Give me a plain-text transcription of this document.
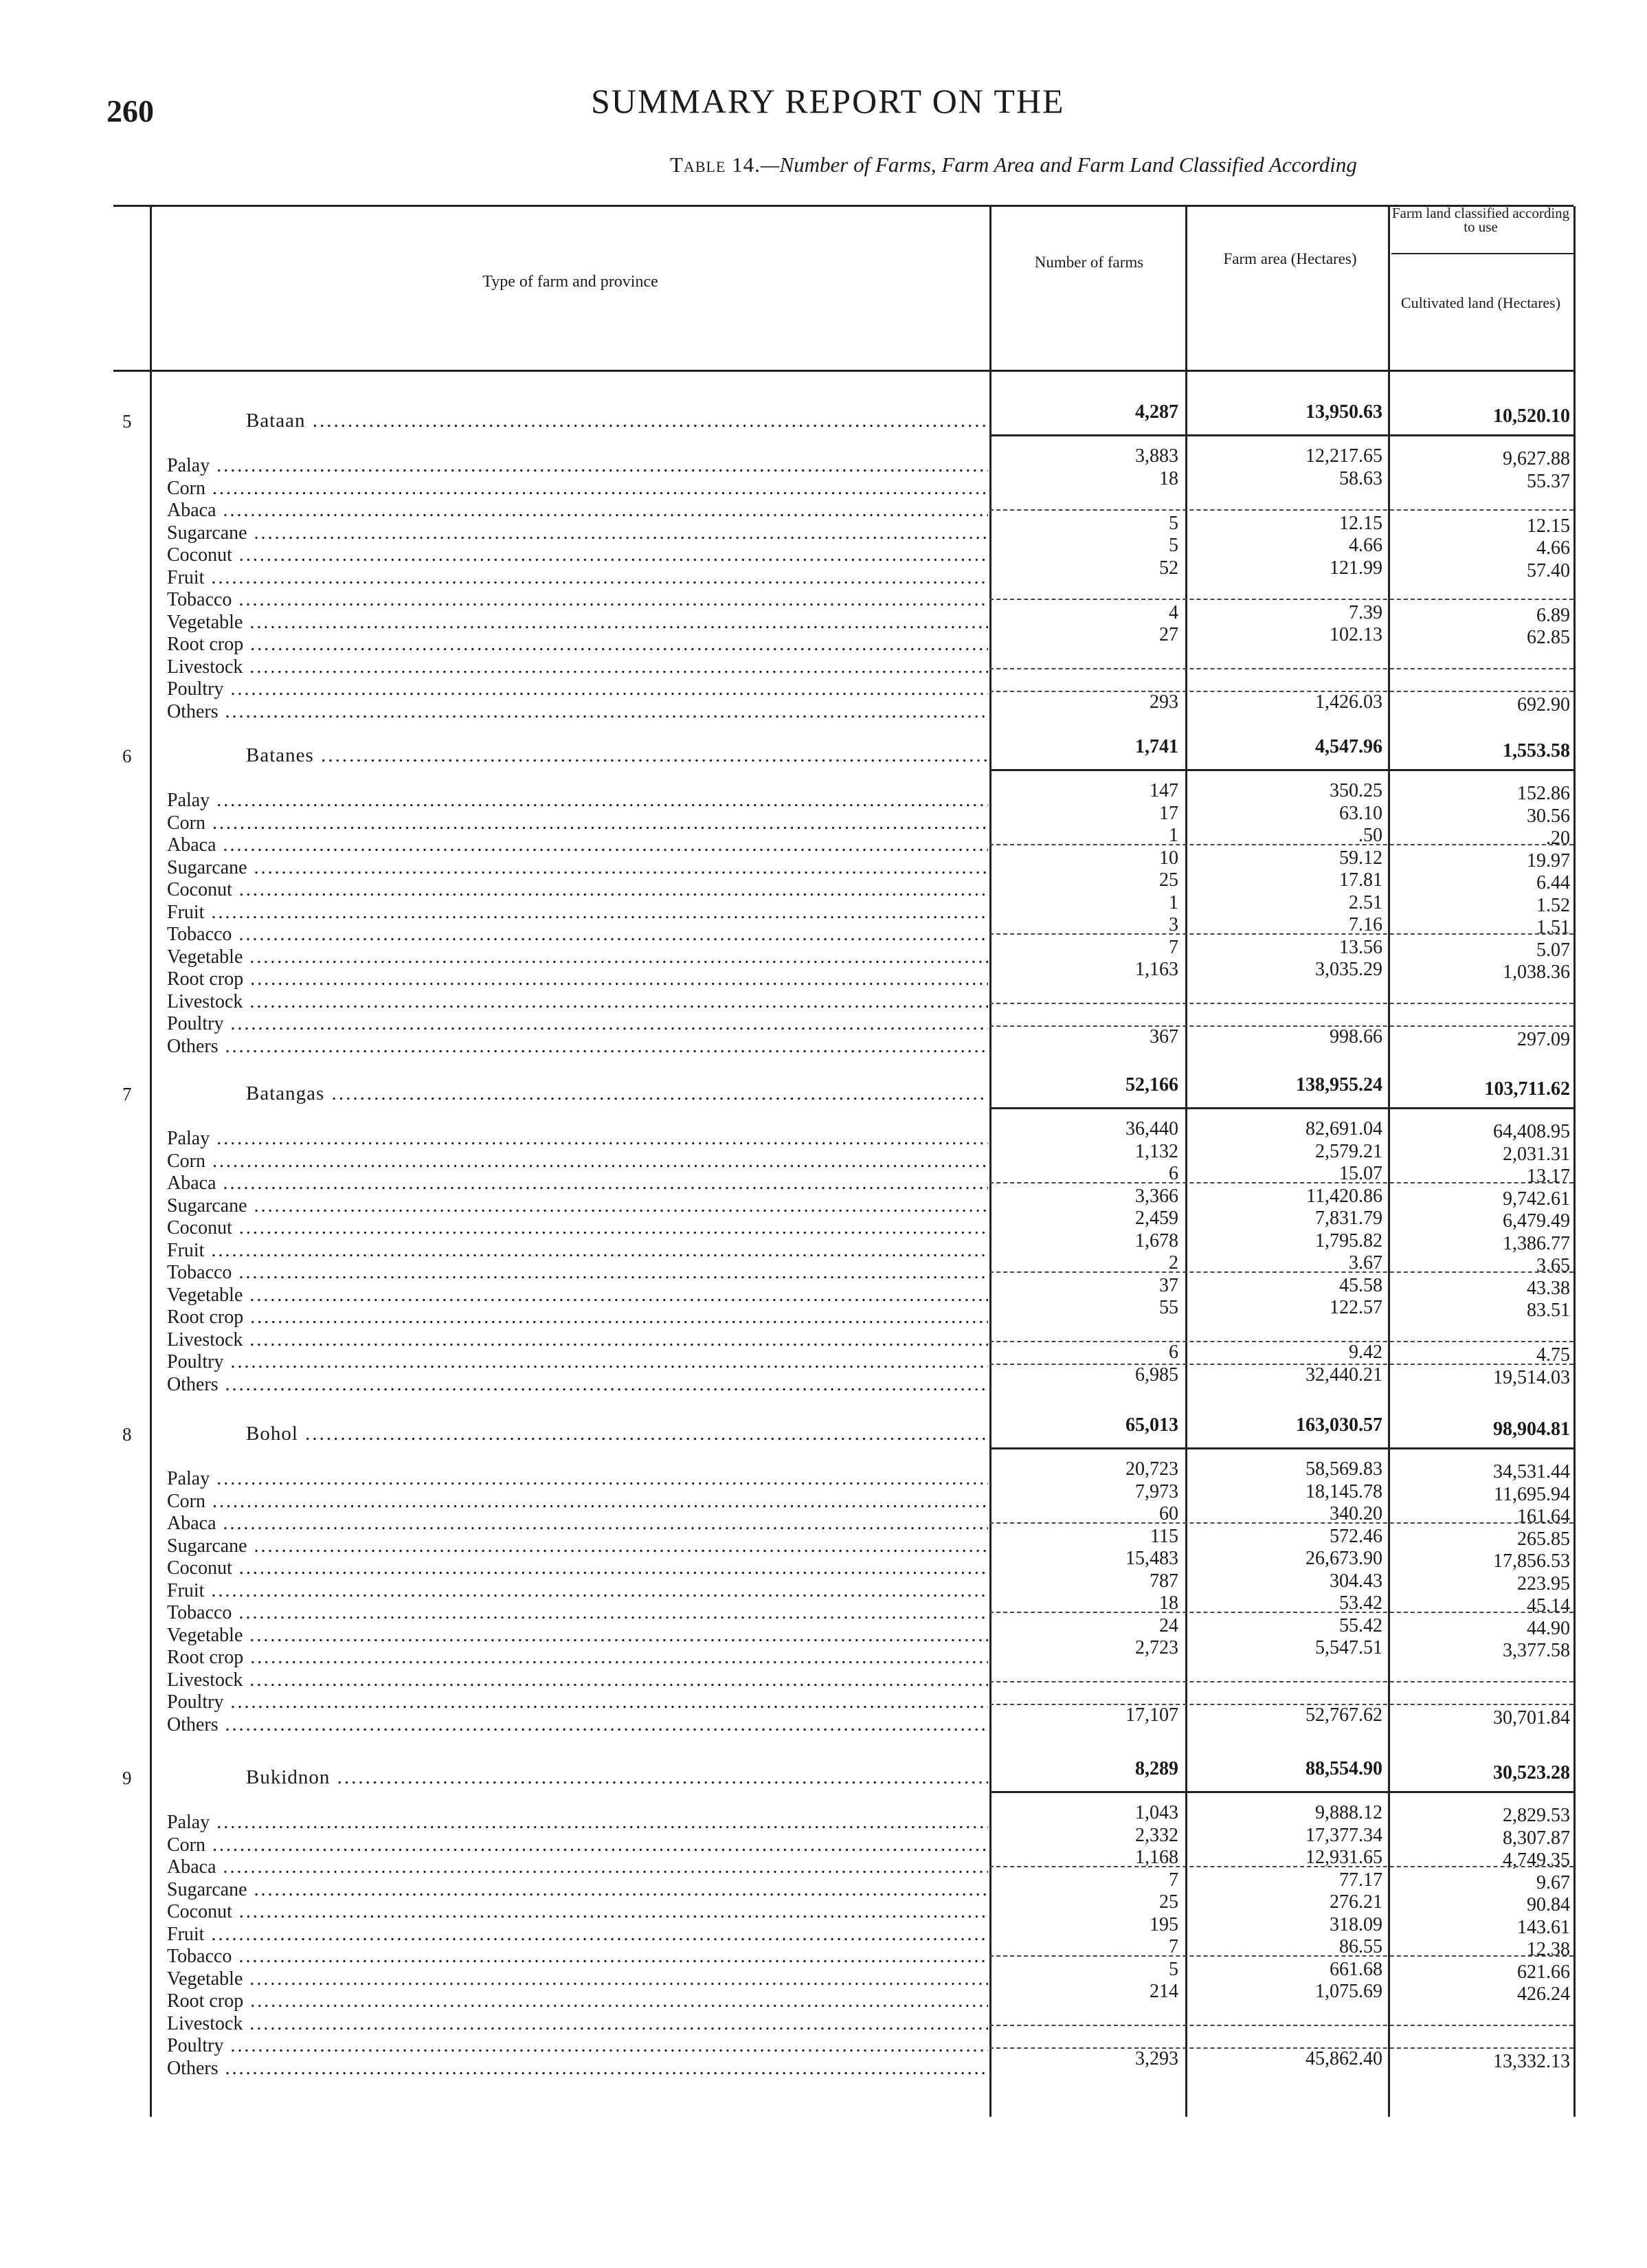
260	SUMMARY REPORT ON THE
Table 14.—Number of Farms, Farm Area and Farm Land Classified According
Type of farm and province
Number of farms	Farm area (Hectares)
Farm land classified according to use
Cultivated land (Hectares)
5	Bataan .....	4,287	13,950.63	10,520.10
Palay .....	3,883	12,217.65	9,627.88
Corn .....	18	58.63	55.37
Abaca .....
Sugarcane .....	5	12.15	12.15
Coconut .....	5	4.66	4.66
Fruit .....	52	121.99	57.40
Tobacco .....
Vegetable .....	4	7.39	6.89
Root crop .....	27	102.13	62.85
Livestock .....
Poultry .....
Others .....	293	1,426.03	692.90
6	Batanes .....	1,741	4,547.96	1,553.58
Palay .....	147	350.25	152.86
Corn .....	17	63.10	30.56
Abaca .....	1	.50	.20
Sugarcane .....	10	59.12	19.97
Coconut .....	25	17.81	6.44
Fruit .....	1	2.51	1.52
Tobacco .....	3	7.16	1.51
Vegetable .....	7	13.56	5.07
Root crop .....	1,163	3,035.29	1,038.36
Livestock .....
Poultry .....
Others .....	367	998.66	297.09
7	Batangas .....	52,166	138,955.24	103,711.62
Palay .....	36,440	82,691.04	64,408.95
Corn .....	1,132	2,579.21	2,031.31
Abaca .....	6	15.07	13.17
Sugarcane .....	3,366	11,420.86	9,742.61
Coconut .....	2,459	7,831.79	6,479.49
Fruit .....	1,678	1,795.82	1,386.77
Tobacco .....	2	3.67	3.65
Vegetable .....	37	45.58	43.38
Root crop .....	55	122.57	83.51
Livestock .....
Poultry .....	6	9.42	4.75
Others .....	6,985	32,440.21	19,514.03
8	Bohol .....	65,013	163,030.57	98,904.81
Palay .....	20,723	58,569.83	34,531.44
Corn .....	7,973	18,145.78	11,695.94
Abaca .....	60	340.20	161.64
Sugarcane .....	115	572.46	265.85
Coconut .....	15,483	26,673.90	17,856.53
Fruit .....	787	304.43	223.95
Tobacco .....	18	53.42	45.14
Vegetable .....	24	55.42	44.90
Root crop .....	2,723	5,547.51	3,377.58
Livestock .....
Poultry .....
Others .....	17,107	52,767.62	30,701.84
9	Bukidnon .....	8,289	88,554.90	30,523.28
Palay .....	1,043	9,888.12	2,829.53
Corn .....	2,332	17,377.34	8,307.87
Abaca .....	1,168	12,931.65	4,749.35
Sugarcane .....	7	77.17	9.67
Coconut .....	25	276.21	90.84
Fruit .....	195	318.09	143.61
Tobacco .....	7	86.55	12.38
Vegetable .....	5	661.68	621.66
Root crop .....	214	1,075.69	426.24
Livestock .....
Poultry .....
Others .....	3,293	45,862.40	13,332.13
